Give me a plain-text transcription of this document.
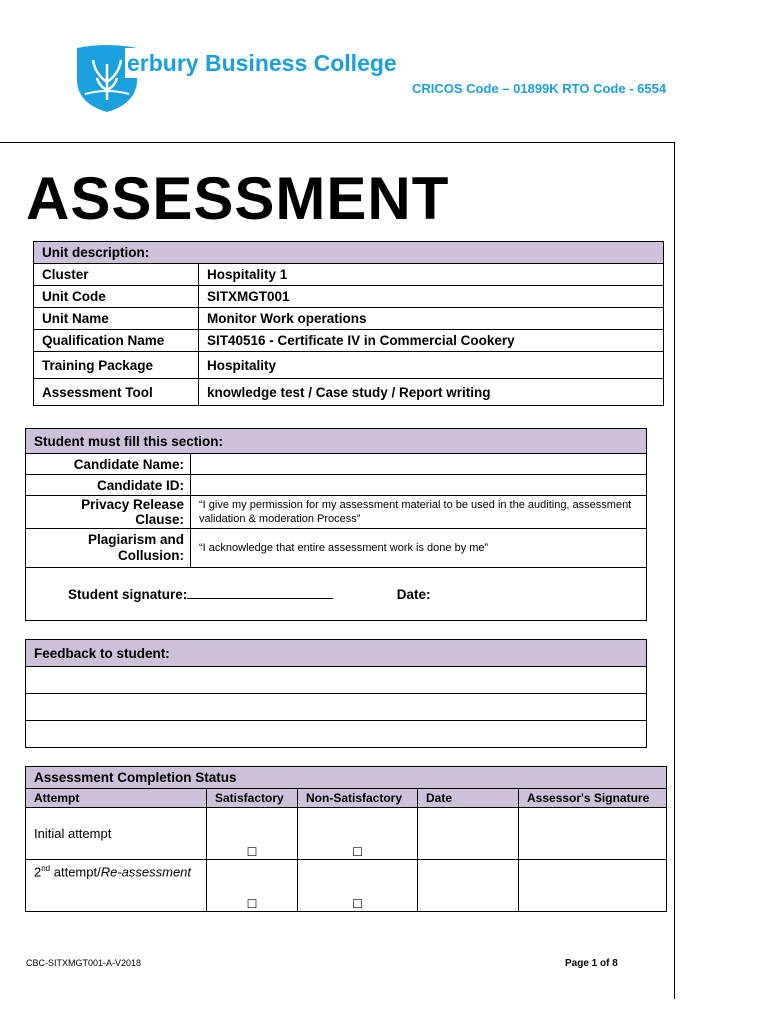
erbury Business College
CRICOS Code – 01899K RTO Code - 6554
ASSESSMENT
Unit description:	
Cluster	Hospitality 1
Unit Code	SITXMGT001
Unit Name	Monitor Work operations
Qualification Name	SIT40516 - Certificate IV in Commercial Cookery
Training Package	Hospitality
Assessment Tool	knowledge test / Case study / Report writing
Student must fill this section:	
Candidate Name:	
Candidate ID:	
Privacy Release Clause:	“I give my permission for my assessment material to be used in the auditing, assessment validation & moderation Process”
Plagiarism and Collusion:	“I acknowledge that entire assessment work is done by me”
Student signature: Date:	
Feedback to student:

Assessment Completion Status				
Attempt	Satisfactory	Non-Satisfactory	Date	Assessor's Signature
Initial attempt	☐	☐		
2nd attempt/Re-assessment	☐	☐		
CBC-SITXMGT001-A-V2018	Page 1 of 8
